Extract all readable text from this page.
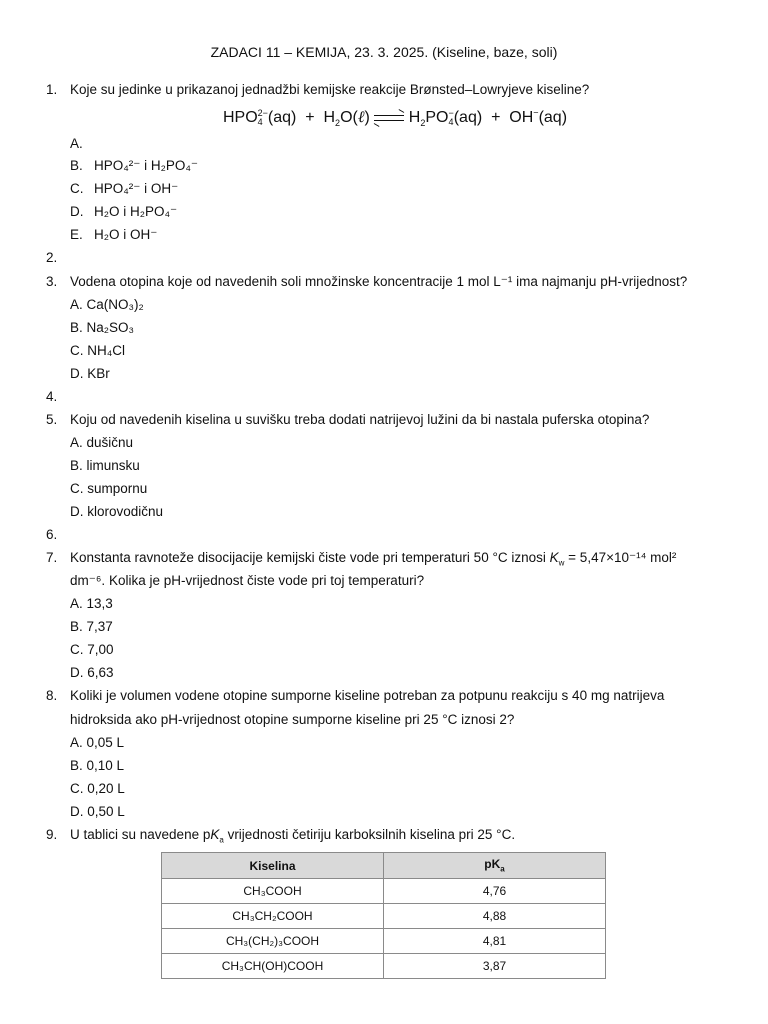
ZADACI 11 – KEMIJA, 23. 3. 2025. (Kiseline, baze, soli)
1. Koje su jedinke u prikazanoj jednadžbi kemijske reakcije Brønsted–Lowryjeve kiseline?
HPO 2−
4 $(aq) + H_2O(\ell) H_2PO$ −
4 (aq) + OH−(aq)
A.
B. HPO₄²⁻ i H₂PO₄⁻
C. HPO₄²⁻ i OH⁻
D. H₂O i H₂PO₄⁻
E. H₂O i OH⁻
2.
3. Vodena otopina koje od navedenih soli množinske koncentracije 1 mol L⁻¹ ima najmanju pH-vrijednost?
A. Ca(NO₃)₂
B. Na₂SO₃
C. NH₄Cl
D. KBr
4.
5. Koju od navedenih kiselina u suvišku treba dodati natrijevoj lužini da bi nastala puferska otopina?
A. dušičnu
B. limunsku
C. sumpornu
D. klorovodičnu
6.
7. Konstanta ravnoteže disocijacije kemijski čiste vode pri temperaturi 50 °C iznosi $K_w = 5,47\times 10^{-14}$ mol²
dm⁻⁶. Kolika je pH-vrijednost čiste vode pri toj temperaturi?
A. 13,3
B. 7,37
C. 7,00
D. 6,63
8. Koliki je volumen vodene otopine sumporne kiseline potreban za potpunu reakciju s 40 mg natrijeva
hidroksida ako pH-vrijednost otopine sumporne kiseline pri 25 °C iznosi 2?
A. 0,05 L
B. 0,10 L
C. 0,20 L
D. 0,50 L
9. U tablici su navedene $pK_a$ vrijednosti četiriju karboksilnih kiselina pri 25 °C.
Kiselina	$pK_a$
CH₃COOH	4,76
CH₃CH₂COOH	4,88
CH₃(CH₂)₃COOH	4,81
CH₃CH(OH)COOH	3,87
